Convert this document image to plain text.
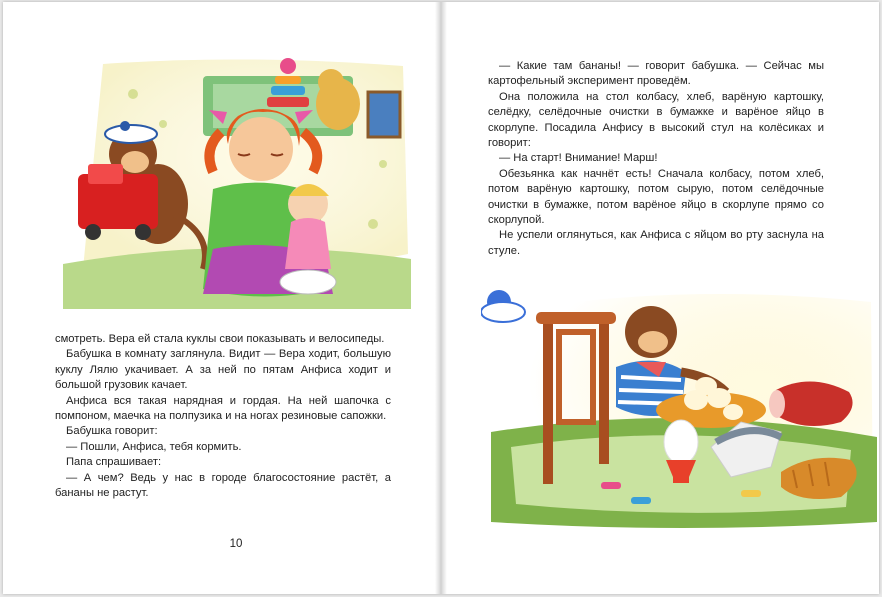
смотреть. Вера ей стала куклы свои показывать и велосипеды.

Бабушка в комнату заглянула. Видит — Вера ходит, большую куклу Лялю укачивает. А за ней по пятам Анфиса ходит и большой грузовик качает.

Анфиса вся такая нарядная и гордая. На ней шапочка с помпоном, маечка на полпузика и на ногах резиновые сапожки.

Бабушка говорит:

— Пошли, Анфиса, тебя кормить.

Папа спрашивает:

— А чем? Ведь у нас в городе благосостояние растёт, а бананы не растут.

10

— Какие там бананы! — говорит бабушка. — Сейчас мы картофельный эксперимент проведём.

Она положила на стол колбасу, хлеб, варёную картошку, селёдку, селёдочные очистки в бумажке и варёное яйцо в скорлупе. Посадила Анфису в высокий стул на колёсиках и говорит:

— На старт! Внимание! Марш!

Обезьянка как начнёт есть! Сначала колбасу, потом хлеб, потом варёную картошку, потом сырую, потом селёдочные очистки в бумажке, потом варёное яйцо в скорлупе прямо со скорлупой.

Не успели оглянуться, как Анфиса с яйцом во рту заснула на стуле.
